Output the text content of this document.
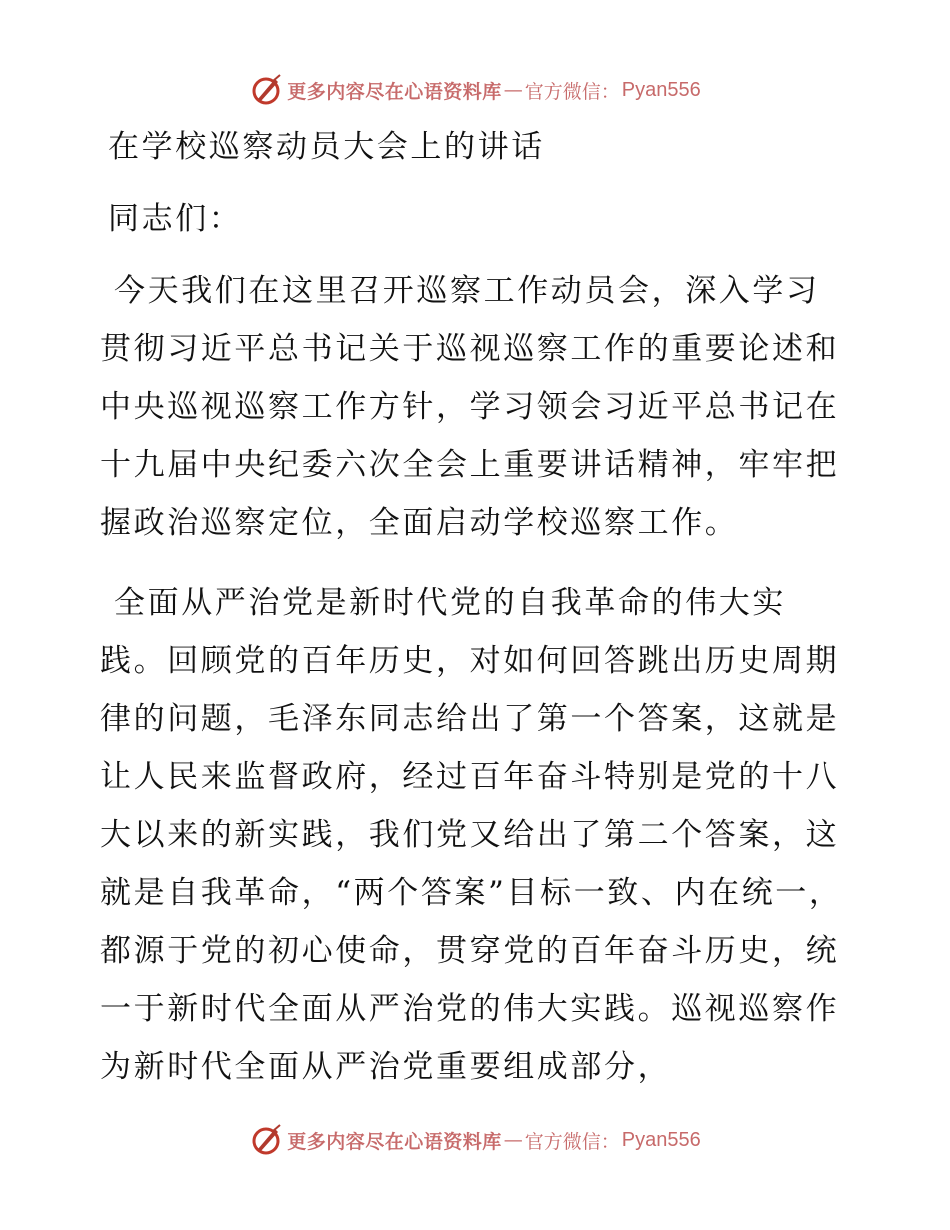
更多内容尽在心语资料库 — 官方微信： Pyan556

在学校巡察动员大会上的讲话

同志们：

今天我们在这里召开巡察工作动员会，深入学习贯彻习近平总书记关于巡视巡察工作的重要论述和中央巡视巡察工作方针，学习领会习近平总书记在十九届中央纪委六次全会上重要讲话精神，牢牢把握政治巡察定位，全面启动学校巡察工作。

全面从严治党是新时代党的自我革命的伟大实践。回顾党的百年历史，对如何回答跳出历史周期律的问题，毛泽东同志给出了第一个答案，这就是让人民来监督政府，经过百年奋斗特别是党的十八大以来的新实践，我们党又给出了第二个答案，这就是自我革命，“两个答案”目标一致、内在统一，都源于党的初心使命，贯穿党的百年奋斗历史，统一于新时代全面从严治党的伟大实践。巡视巡察作为新时代全面从严治党重要组成部分，

更多内容尽在心语资料库 — 官方微信： Pyan556
